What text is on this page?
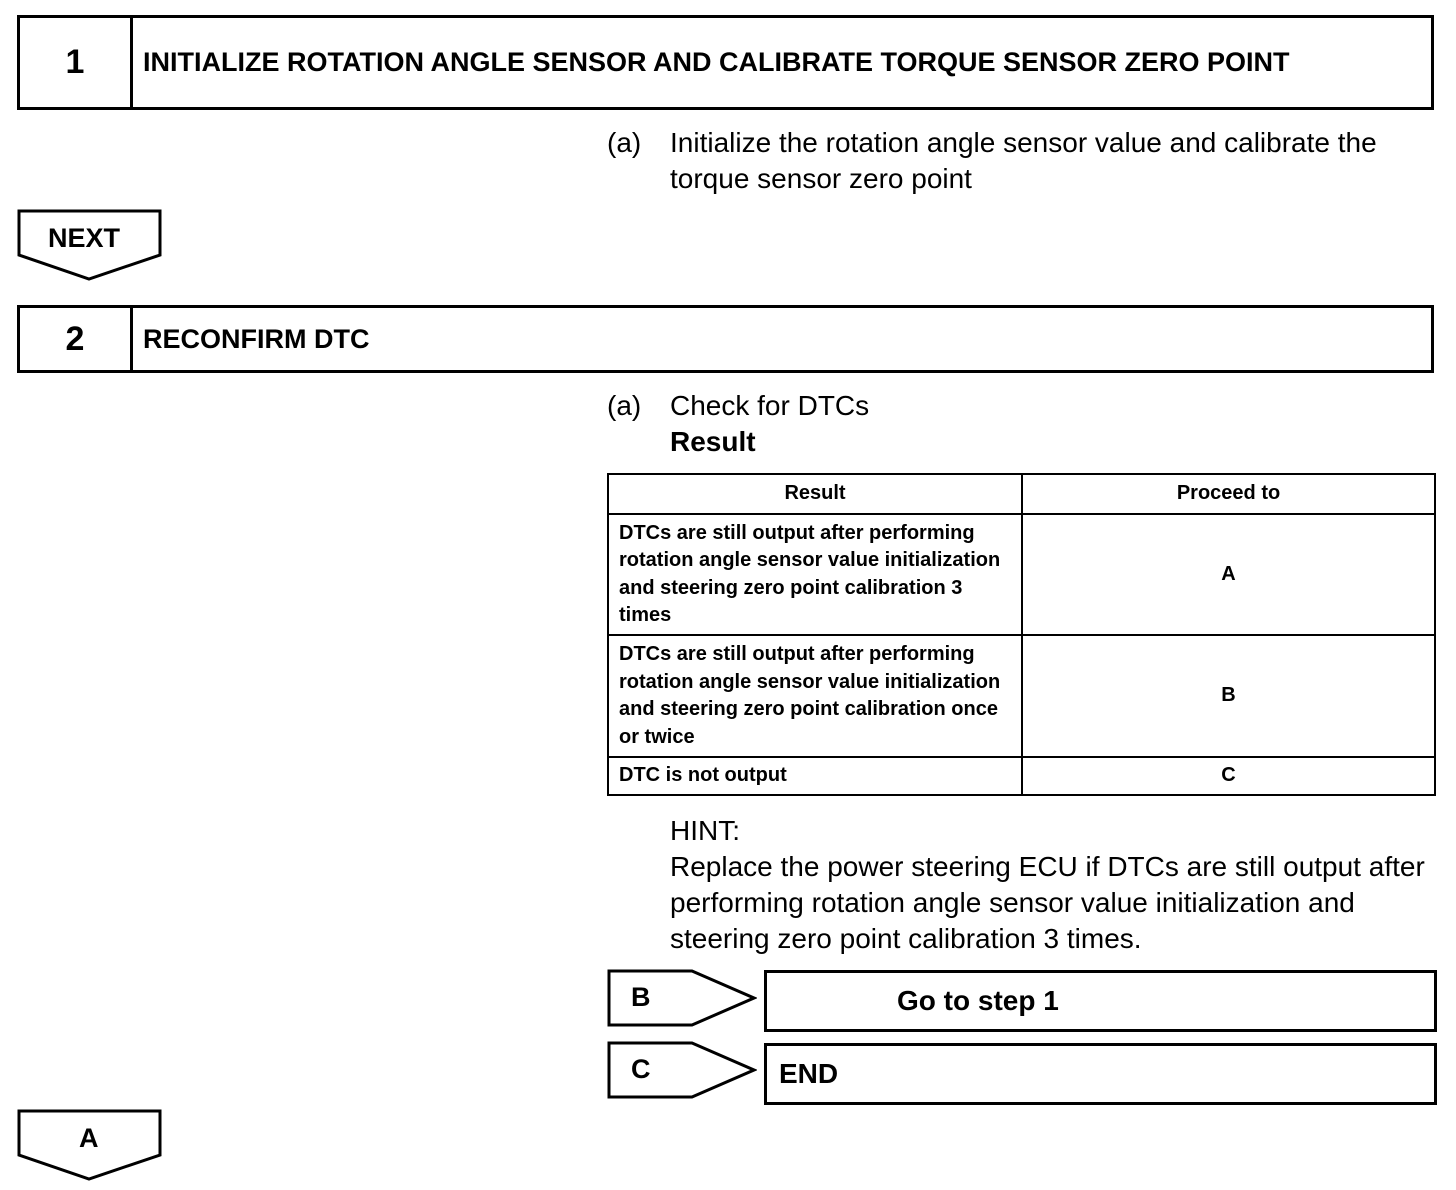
1	INITIALIZE ROTATION ANGLE SENSOR AND CALIBRATE TORQUE SENSOR ZERO POINT
(a) Initialize the rotation angle sensor value and calibrate the torque sensor zero point
NEXT
2	RECONFIRM DTC
(a) Check for DTCs
Result
Result	Proceed to
DTCs are still output after performing rotation angle sensor value initialization and steering zero point calibration 3 times	A
DTCs are still output after performing rotation angle sensor value initialization and steering zero point calibration once or twice	B
DTC is not output	C
HINT:
Replace the power steering ECU if DTCs are still output after performing rotation angle sensor value initialization and steering zero point calibration 3 times.
B	Go to step 1
C	END
A
